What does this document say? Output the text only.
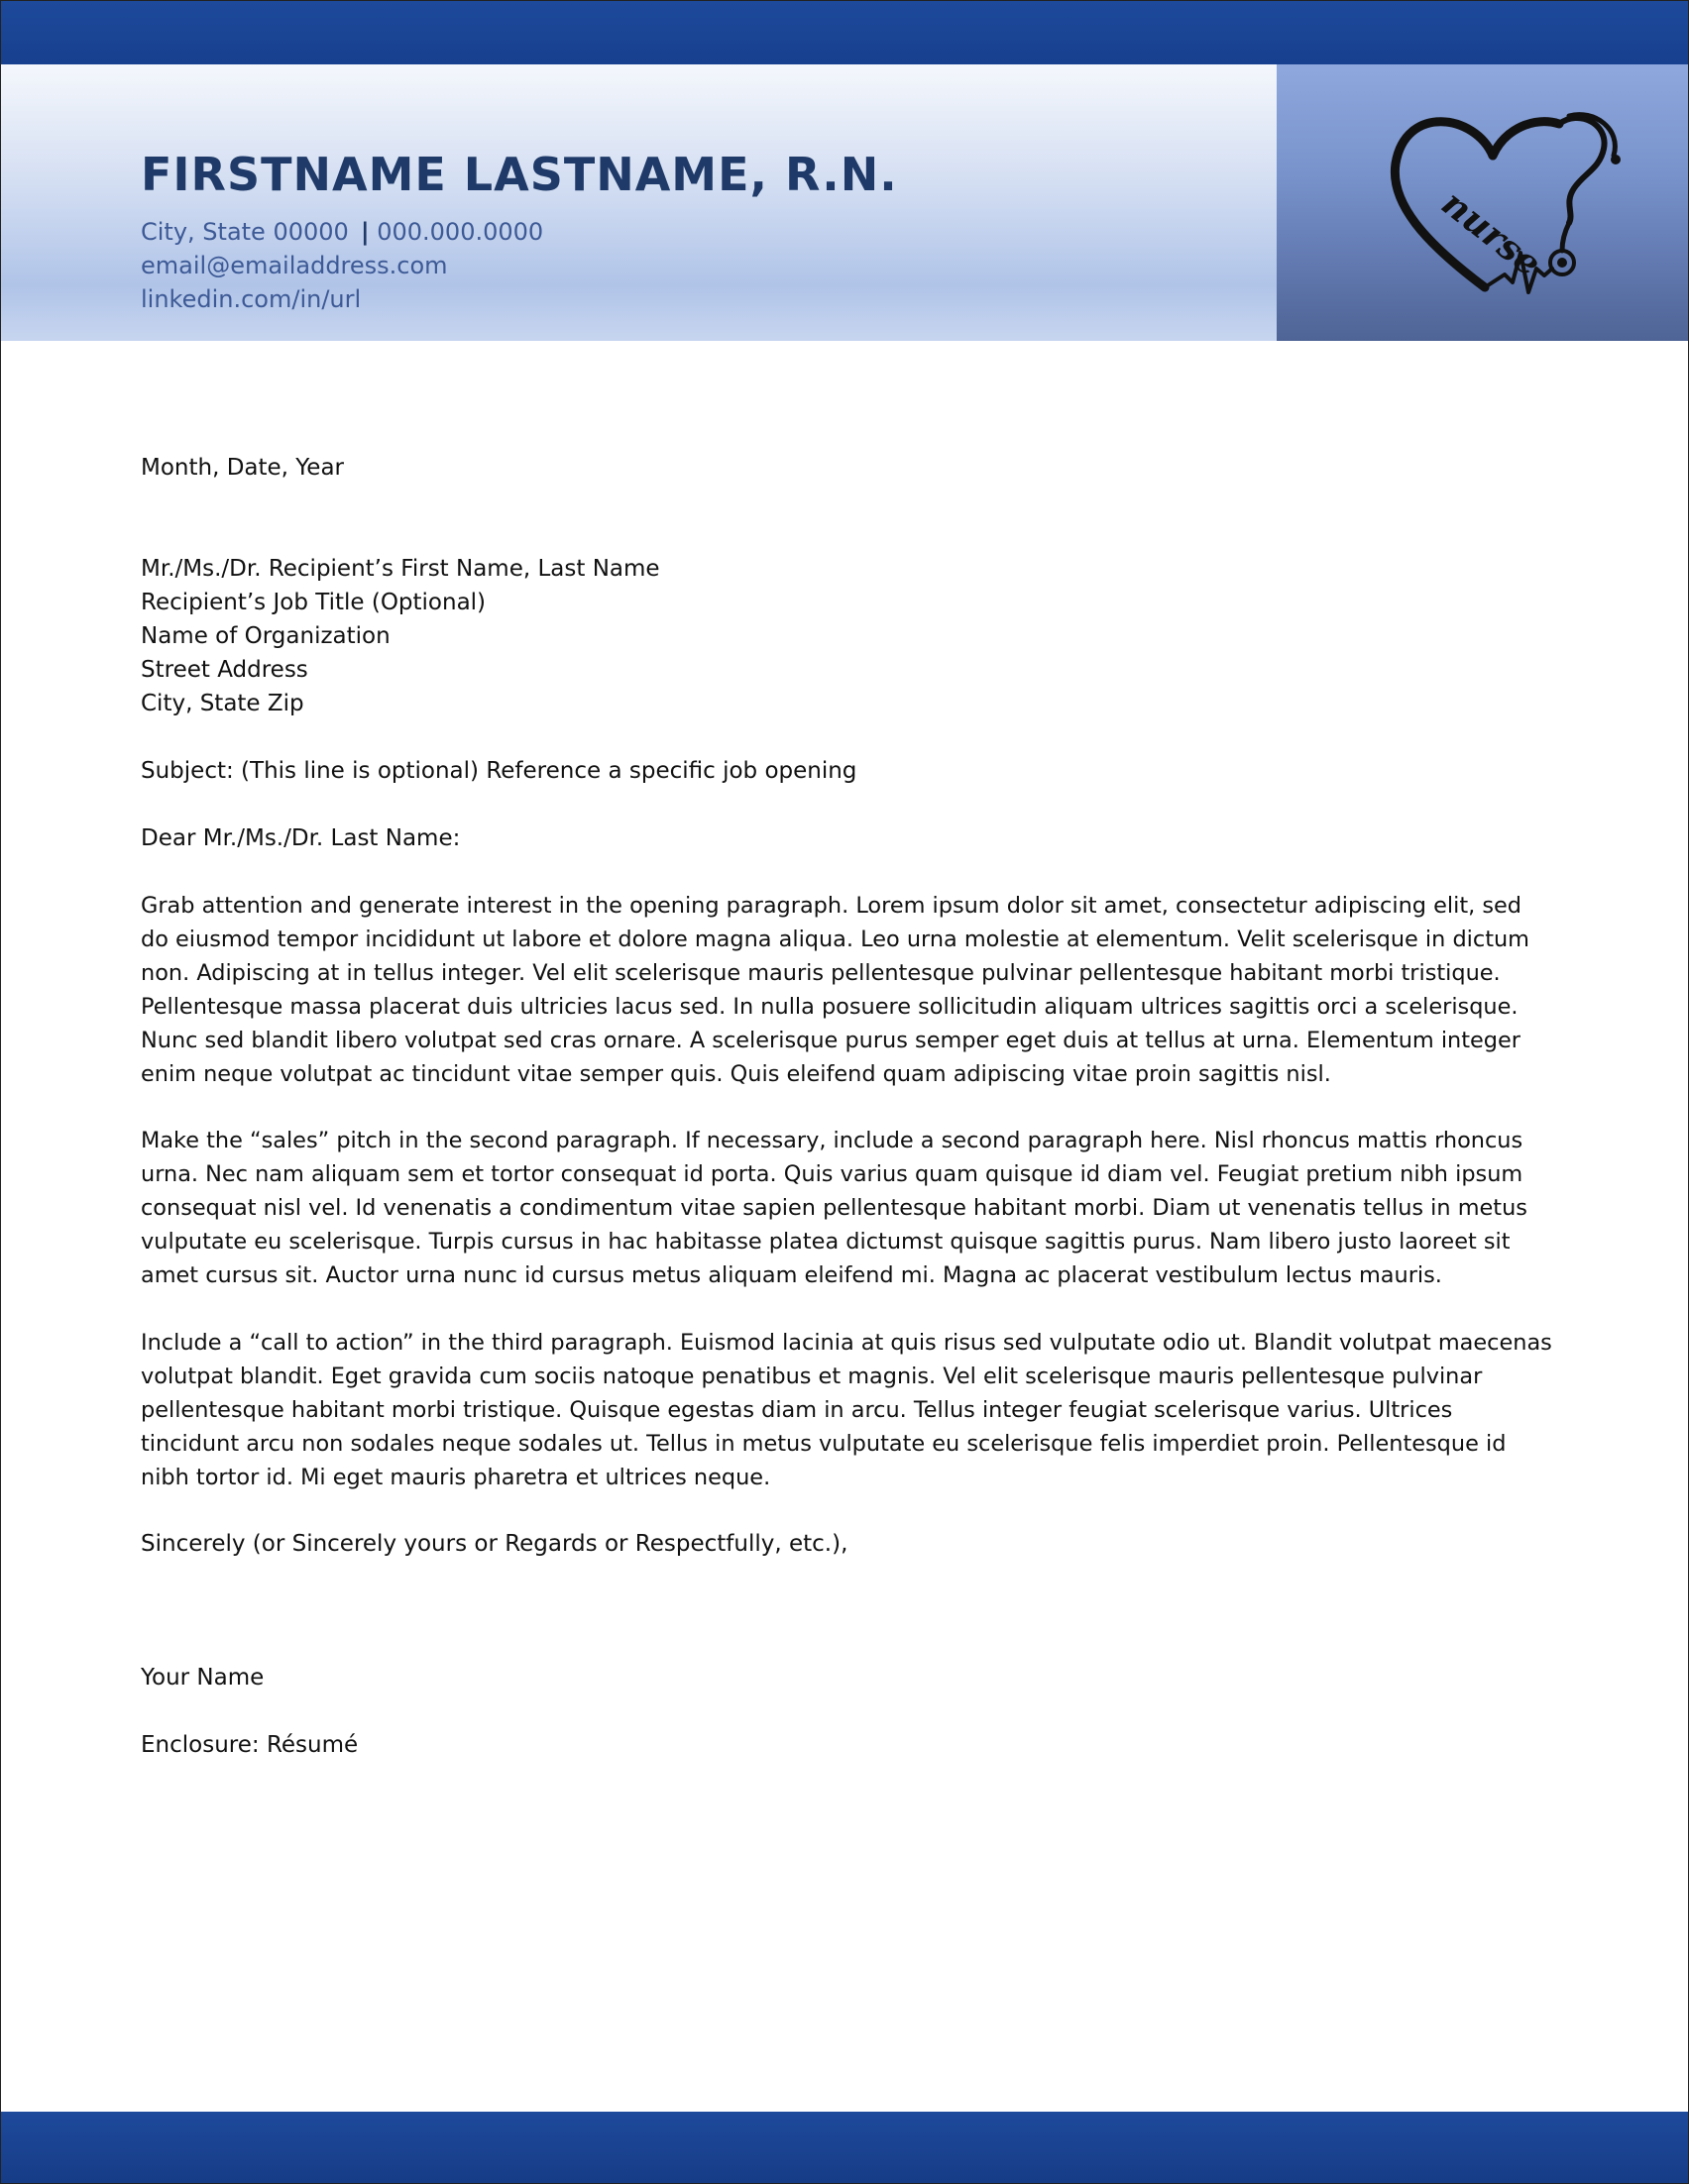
nurse
FIRSTNAME LASTNAME, R.N.
City, State 00000 | 000.000.0000
email@emailaddress.com
linkedin.com/in/url
Month, Date, Year
Mr./Ms./Dr. Recipient’s First Name, Last Name
Recipient’s Job Title (Optional)
Name of Organization
Street Address
City, State Zip
Subject: (This line is optional) Reference a specific job opening
Dear Mr./Ms./Dr. Last Name:
Grab attention and generate interest in the opening paragraph. Lorem ipsum dolor sit amet, consectetur adipiscing elit, sed
do eiusmod tempor incididunt ut labore et dolore magna aliqua. Leo urna molestie at elementum. Velit scelerisque in dictum
non. Adipiscing at in tellus integer. Vel elit scelerisque mauris pellentesque pulvinar pellentesque habitant morbi tristique.
Pellentesque massa placerat duis ultricies lacus sed. In nulla posuere sollicitudin aliquam ultrices sagittis orci a scelerisque.
Nunc sed blandit libero volutpat sed cras ornare. A scelerisque purus semper eget duis at tellus at urna. Elementum integer
enim neque volutpat ac tincidunt vitae semper quis. Quis eleifend quam adipiscing vitae proin sagittis nisl.
Make the “sales” pitch in the second paragraph. If necessary, include a second paragraph here. Nisl rhoncus mattis rhoncus
urna. Nec nam aliquam sem et tortor consequat id porta. Quis varius quam quisque id diam vel. Feugiat pretium nibh ipsum
consequat nisl vel. Id venenatis a condimentum vitae sapien pellentesque habitant morbi. Diam ut venenatis tellus in metus
vulputate eu scelerisque. Turpis cursus in hac habitasse platea dictumst quisque sagittis purus. Nam libero justo laoreet sit
amet cursus sit. Auctor urna nunc id cursus metus aliquam eleifend mi. Magna ac placerat vestibulum lectus mauris.
Include a “call to action” in the third paragraph. Euismod lacinia at quis risus sed vulputate odio ut. Blandit volutpat maecenas
volutpat blandit. Eget gravida cum sociis natoque penatibus et magnis. Vel elit scelerisque mauris pellentesque pulvinar
pellentesque habitant morbi tristique. Quisque egestas diam in arcu. Tellus integer feugiat scelerisque varius. Ultrices
tincidunt arcu non sodales neque sodales ut. Tellus in metus vulputate eu scelerisque felis imperdiet proin. Pellentesque id
nibh tortor id. Mi eget mauris pharetra et ultrices neque.
Sincerely (or Sincerely yours or Regards or Respectfully, etc.),
Your Name
Enclosure: Résumé
